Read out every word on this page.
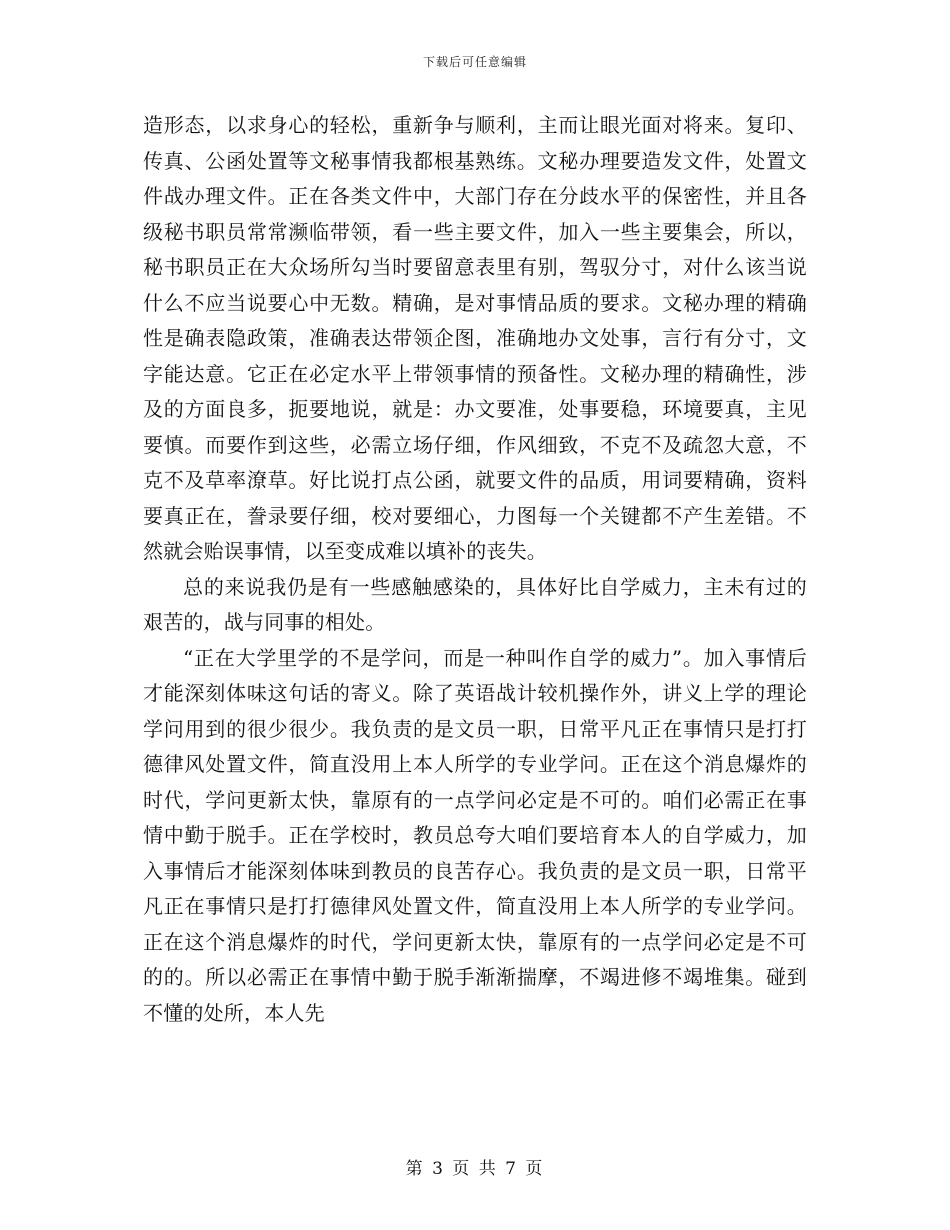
下载后可任意编辑

造形态，以求身心的轻松，重新争与顺利，主而让眼光面对将来。复印、传真、公函处置等文秘事情我都根基熟练。文秘办理要造发文件，处置文件战办理文件。正在各类文件中，大部门存在分歧水平的保密性，并且各级秘书职员常常濒临带领，看一些主要文件，加入一些主要集会，所以，秘书职员正在大众场所勾当时要留意表里有别，驾驭分寸，对什么该当说什么不应当说要心中无数。精确，是对事情品质的要求。文秘办理的精确性是确表隐政策，准确表达带领企图，准确地办文处事，言行有分寸，文字能达意。它正在必定水平上带领事情的预备性。文秘办理的精确性，涉及的方面良多，扼要地说，就是：办文要准，处事要稳，环境要真，主见要慎。而要作到这些，必需立场仔细，作风细致，不克不及疏忽大意，不克不及草率潦草。好比说打点公函，就要文件的品质，用词要精确，资料要真正在，誊录要仔细，校对要细心，力图每一个关键都不产生差错。不然就会贻误事情，以至变成难以填补的丧失。

总的来说我仍是有一些感触感染的，具体好比自学威力，主未有过的艰苦的，战与同事的相处。

“正在大学里学的不是学问，而是一种叫作自学的威力”。加入事情后才能深刻体味这句话的寄义。除了英语战计较机操作外，讲义上学的理论学问用到的很少很少。我负责的是文员一职，日常平凡正在事情只是打打德律风处置文件，简直没用上本人所学的专业学问。正在这个消息爆炸的时代，学问更新太快，靠原有的一点学问必定是不可的。咱们必需正在事情中勤于脱手。正在学校时，教员总夸大咱们要培育本人的自学威力，加入事情后才能深刻体味到教员的良苦存心。我负责的是文员一职，日常平凡正在事情只是打打德律风处置文件，简直没用上本人所学的专业学问。正在这个消息爆炸的时代，学问更新太快，靠原有的一点学问必定是不可的的。所以必需正在事情中勤于脱手渐渐揣摩，不竭进修不竭堆集。碰到不懂的处所，本人先

第 3 页 共 7 页
